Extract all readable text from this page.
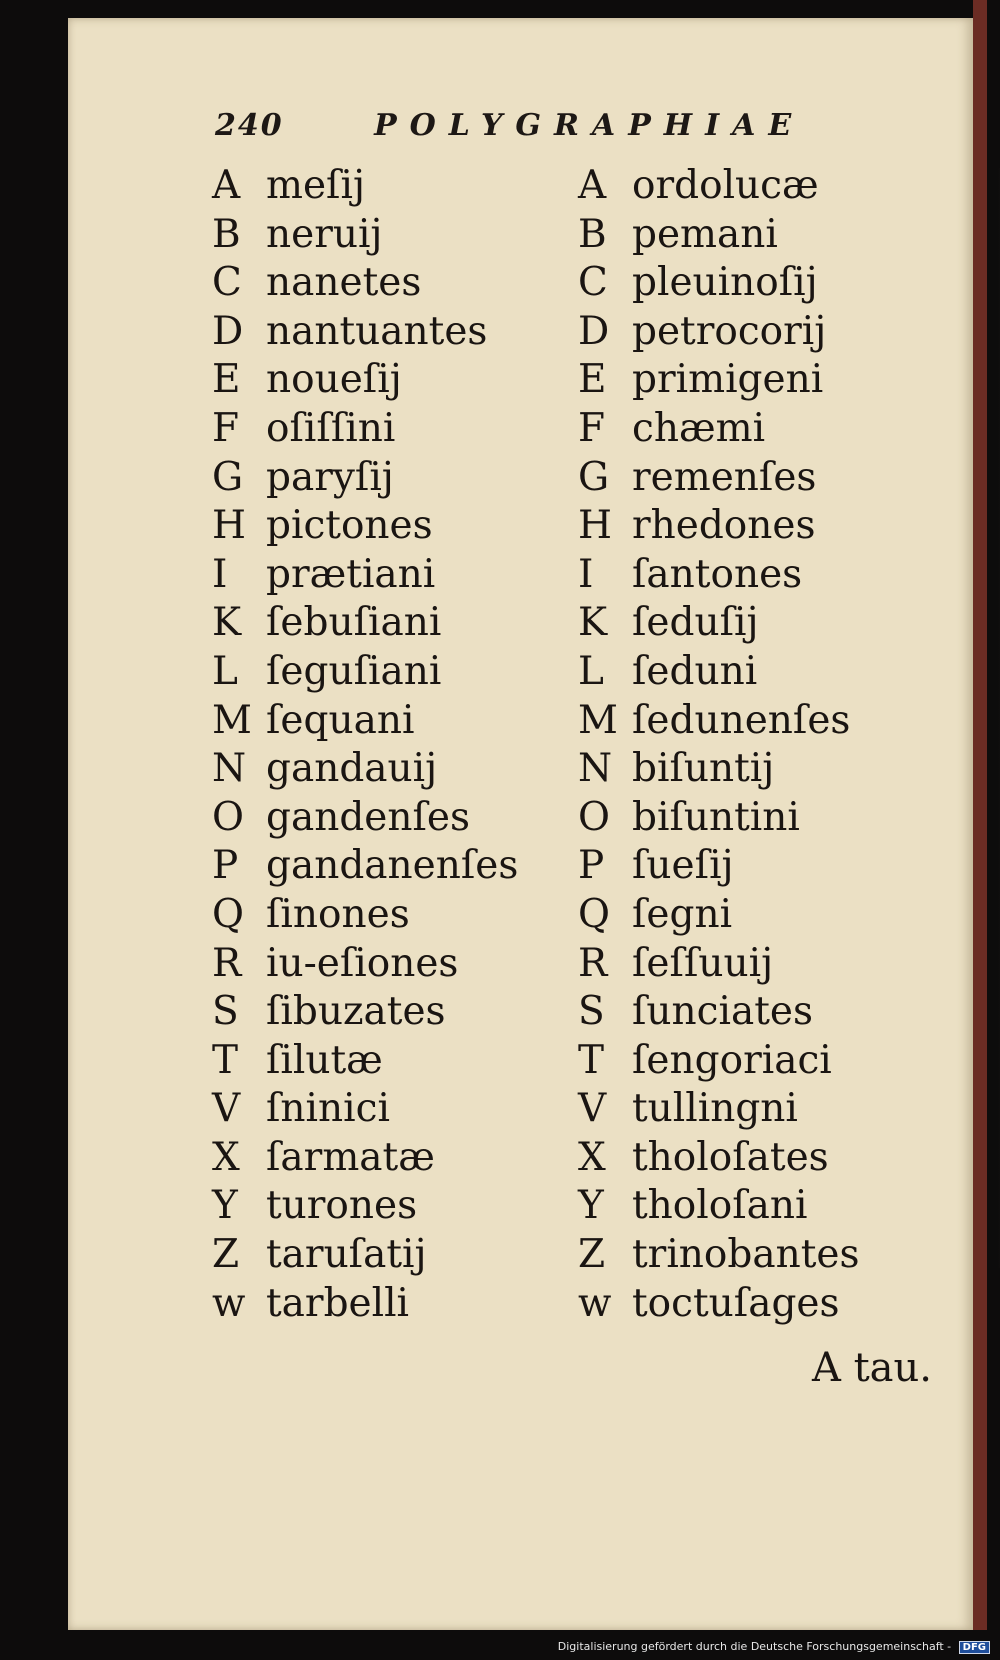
240	POLYGRAPHIAE
A meſij
B neruij
C nanetes
D nantuantes
E noueſij
F oſiſſini
G paryſij
H pictones
I prætiani
K ſebuſiani
L ſeguſiani
M ſequani
N gandauij
O gandenſes
P gandanenſes
Q ſinones
R iu-eſiones
S ſibuzates
T ſilutæ
V ſninici
X ſarmatæ
Y turones
Z taruſatij
w tarbelli
A ordolucæ
B pemani
C pleuinoſij
D petrocorij
E primigeni
F chæmi
G remenſes
H rhedones
I ſantones
K ſeduſij
L ſeduni
M ſedunenſes
N biſuntij
O biſuntini
P ſueſij
Q ſegni
R ſeſſuuij
S ſunciates
T ſengoriaci
V tullingni
X tholoſates
Y tholoſani
Z trinobantes
w toctuſages
A tau.
Digitalisierung gefördert durch die Deutsche Forschungsgemeinschaft - DFG
